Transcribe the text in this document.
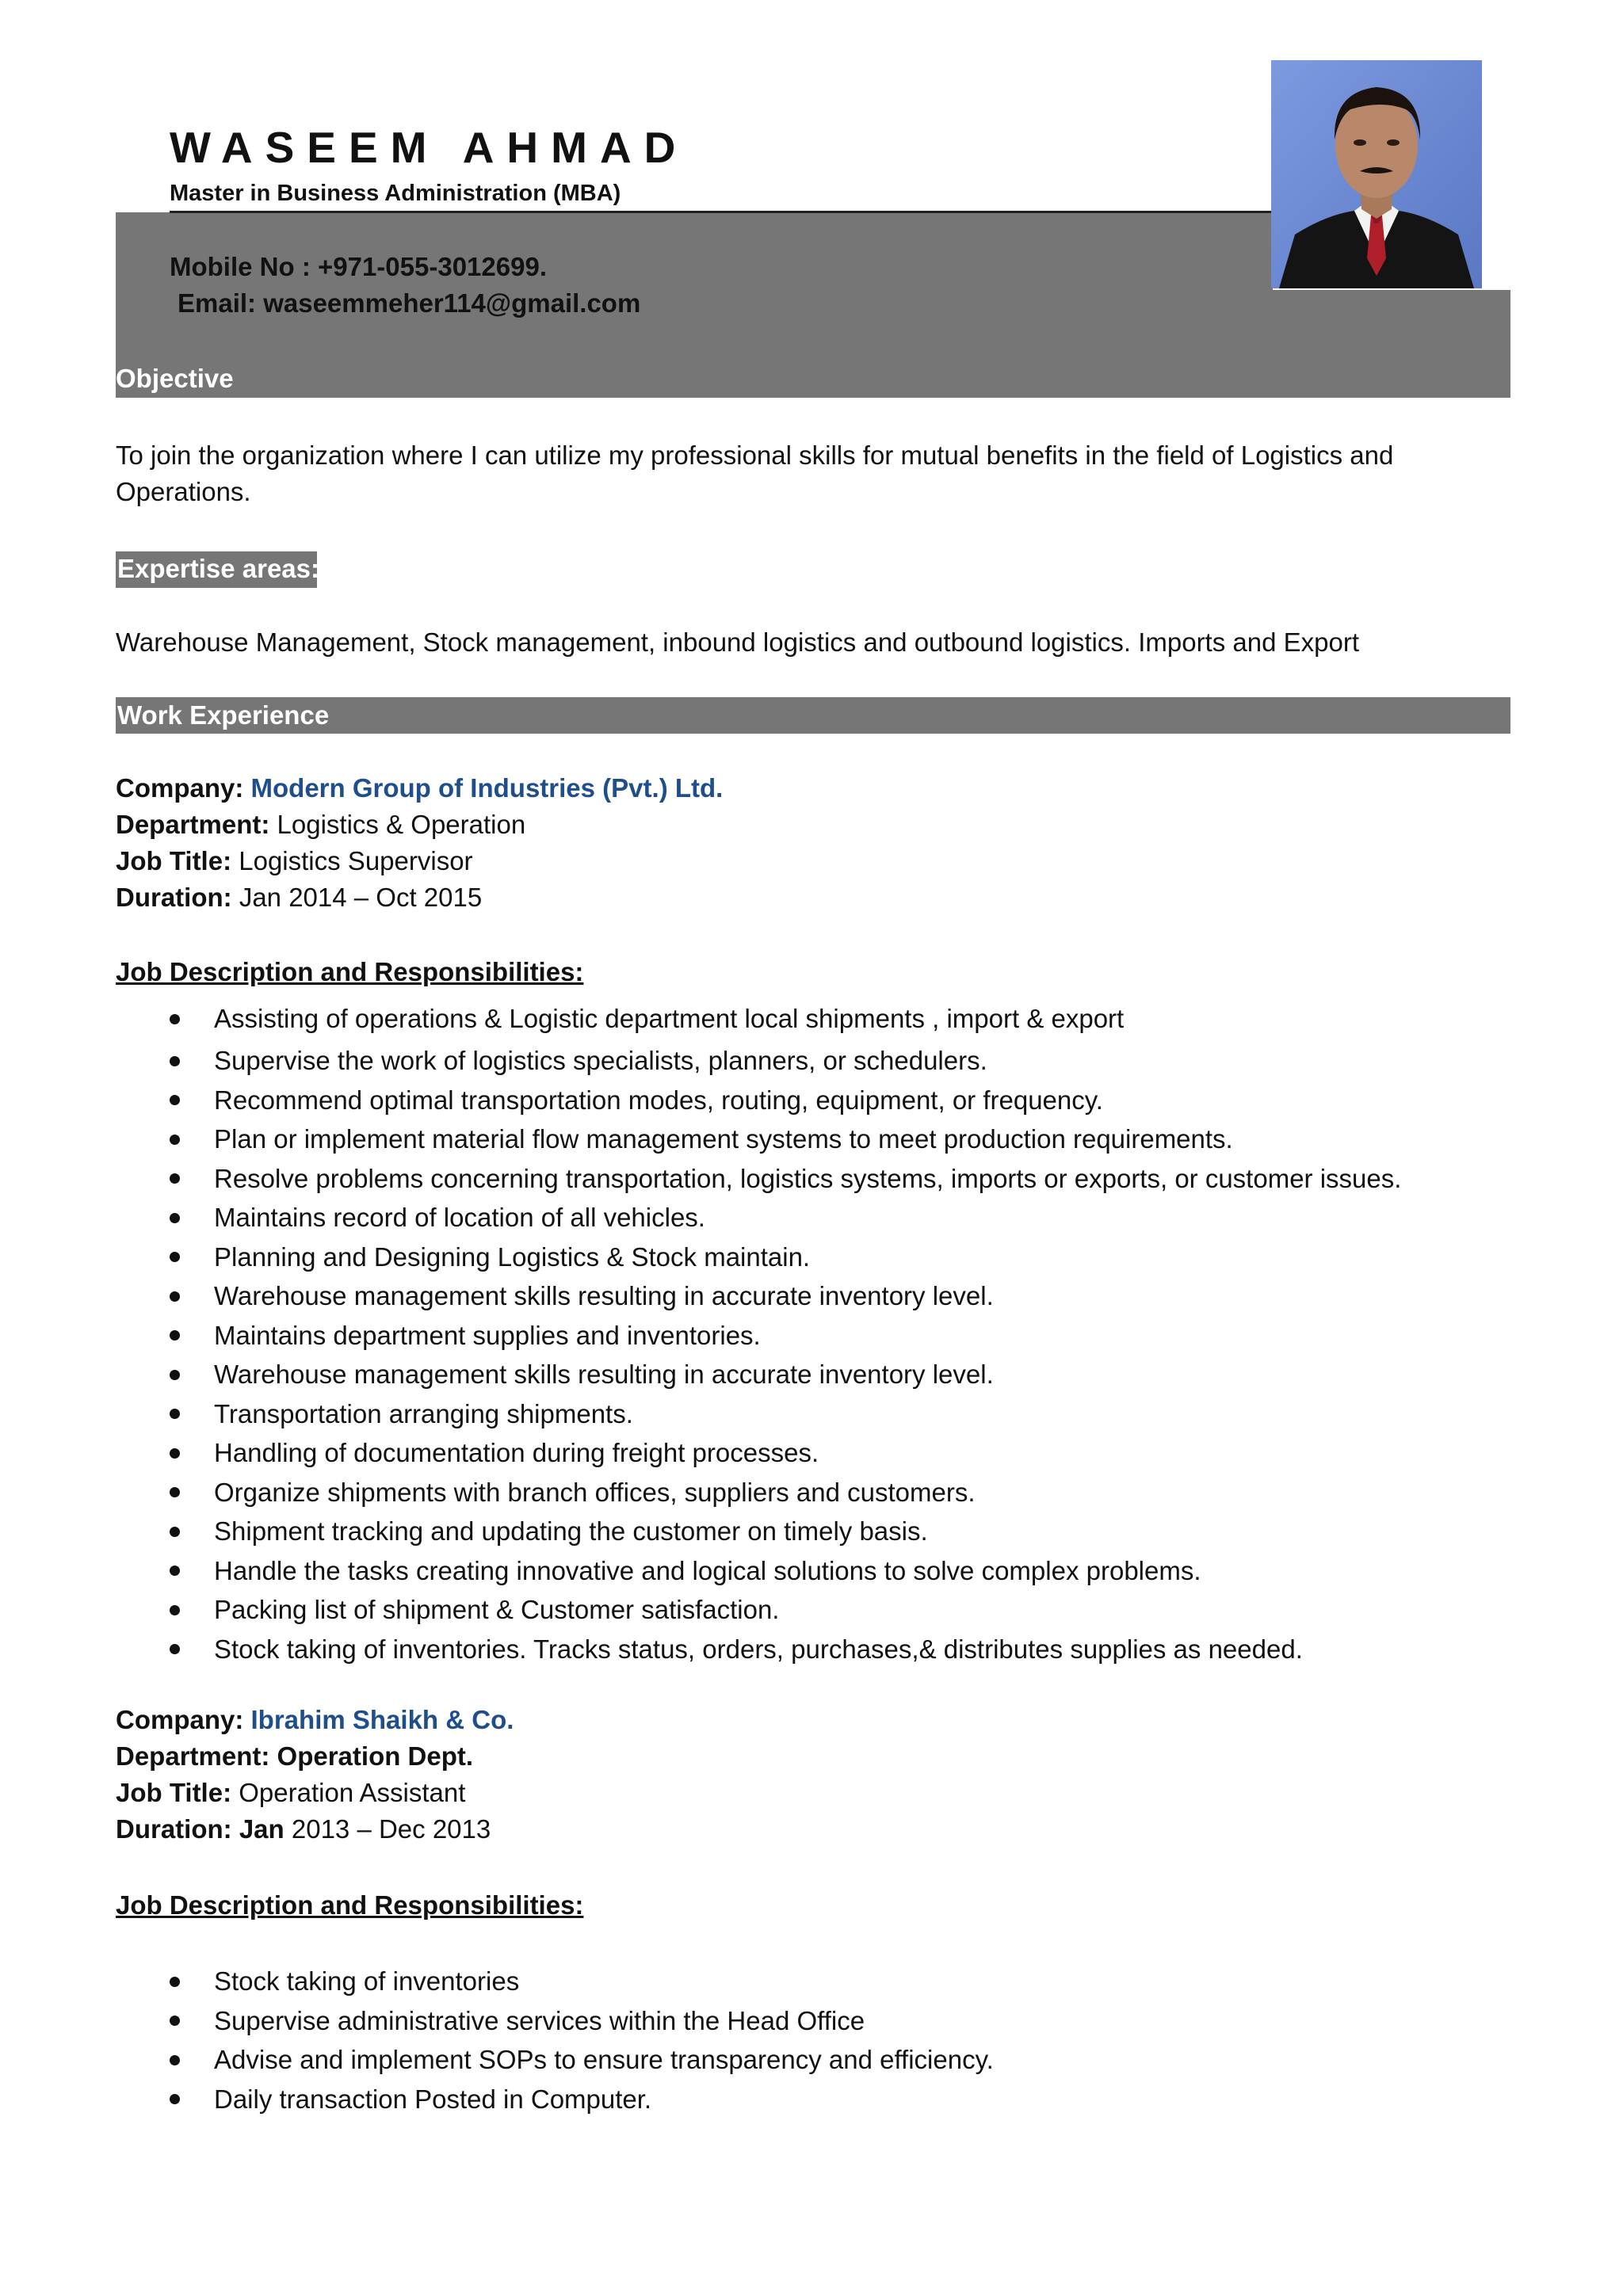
WASEEM AHMAD
Master in Business Administration (MBA)
Mobile No : +971-055-3012699.
Email: waseemmeher114@gmail.com
Objective
To join the organization where I can utilize my professional skills for mutual benefits in the field of Logistics and Operations.
Expertise areas:
Warehouse Management, Stock management, inbound logistics and outbound logistics. Imports and Export
Work Experience
Company: Modern Group of Industries (Pvt.) Ltd.
Department: Logistics & Operation
Job Title: Logistics Supervisor
Duration: Jan 2014 – Oct 2015
Job Description and Responsibilities:
Assisting of operations & Logistic department local shipments , import & export
Supervise the work of logistics specialists, planners, or schedulers.
Recommend optimal transportation modes, routing, equipment, or frequency.
Plan or implement material flow management systems to meet production requirements.
Resolve problems concerning transportation, logistics systems, imports or exports, or customer issues.
Maintains record of location of all vehicles.
Planning and Designing Logistics & Stock maintain.
Warehouse management skills resulting in accurate inventory level.
Maintains department supplies and inventories.
Warehouse management skills resulting in accurate inventory level.
Transportation arranging shipments.
Handling of documentation during freight processes.
Organize shipments with branch offices, suppliers and customers.
Shipment tracking and updating the customer on timely basis.
Handle the tasks creating innovative and logical solutions to solve complex problems.
Packing list of shipment & Customer satisfaction.
Stock taking of inventories. Tracks status, orders, purchases,& distributes supplies as needed.
Company: Ibrahim Shaikh & Co.
Department: Operation Dept.
Job Title: Operation Assistant
Duration: Jan 2013 – Dec 2013
Job Description and Responsibilities:
Stock taking of inventories
Supervise administrative services within the Head Office
Advise and implement SOPs to ensure transparency and efficiency.
Daily transaction Posted in Computer.
